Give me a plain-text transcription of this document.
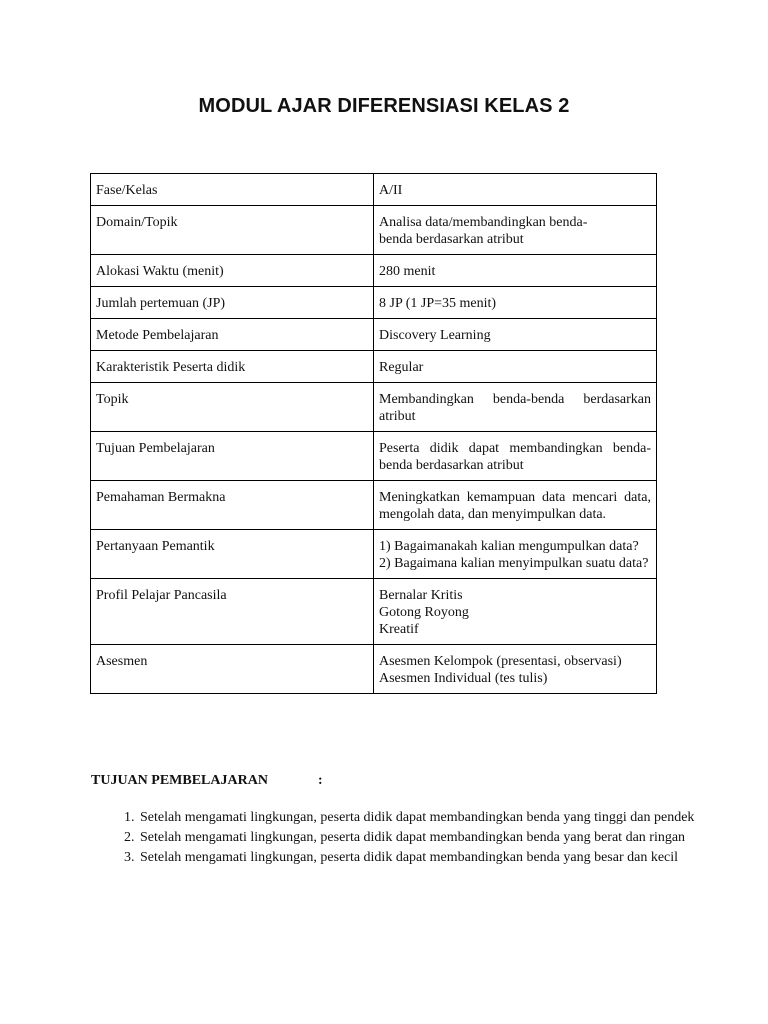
MODUL AJAR DIFERENSIASI KELAS 2
Fase/Kelas	A/II
Domain/Topik	Analisa data/membandingkan benda-
benda berdasarkan atribut
Alokasi Waktu (menit)	280 menit
Jumlah pertemuan (JP)	8 JP (1 JP=35 menit)
Metode Pembelajaran	Discovery Learning
Karakteristik Peserta didik	Regular
Topik	Membandingkan benda-benda berdasarkan atribut
Tujuan Pembelajaran	Peserta didik dapat membandingkan benda-benda berdasarkan atribut
Pemahaman Bermakna	Meningkatkan kemampuan data mencari data, mengolah data, dan menyimpulkan data.
Pertanyaan Pemantik	1) Bagaimanakah kalian mengumpulkan data?
2) Bagaimana kalian menyimpulkan suatu data?

Profil Pelajar Pancasila	Bernalar Kritis
Gotong Royong
Kreatif
Asesmen	Asesmen Kelompok (presentasi, observasi)
Asesmen Individual (tes tulis)
TUJUAN PEMBELAJARAN	:
1. Setelah mengamati lingkungan, peserta didik dapat membandingkan benda yang tinggi dan pendek
2. Setelah mengamati lingkungan, peserta didik dapat membandingkan benda yang berat dan ringan
3. Setelah mengamati lingkungan, peserta didik dapat membandingkan benda yang besar dan kecil
